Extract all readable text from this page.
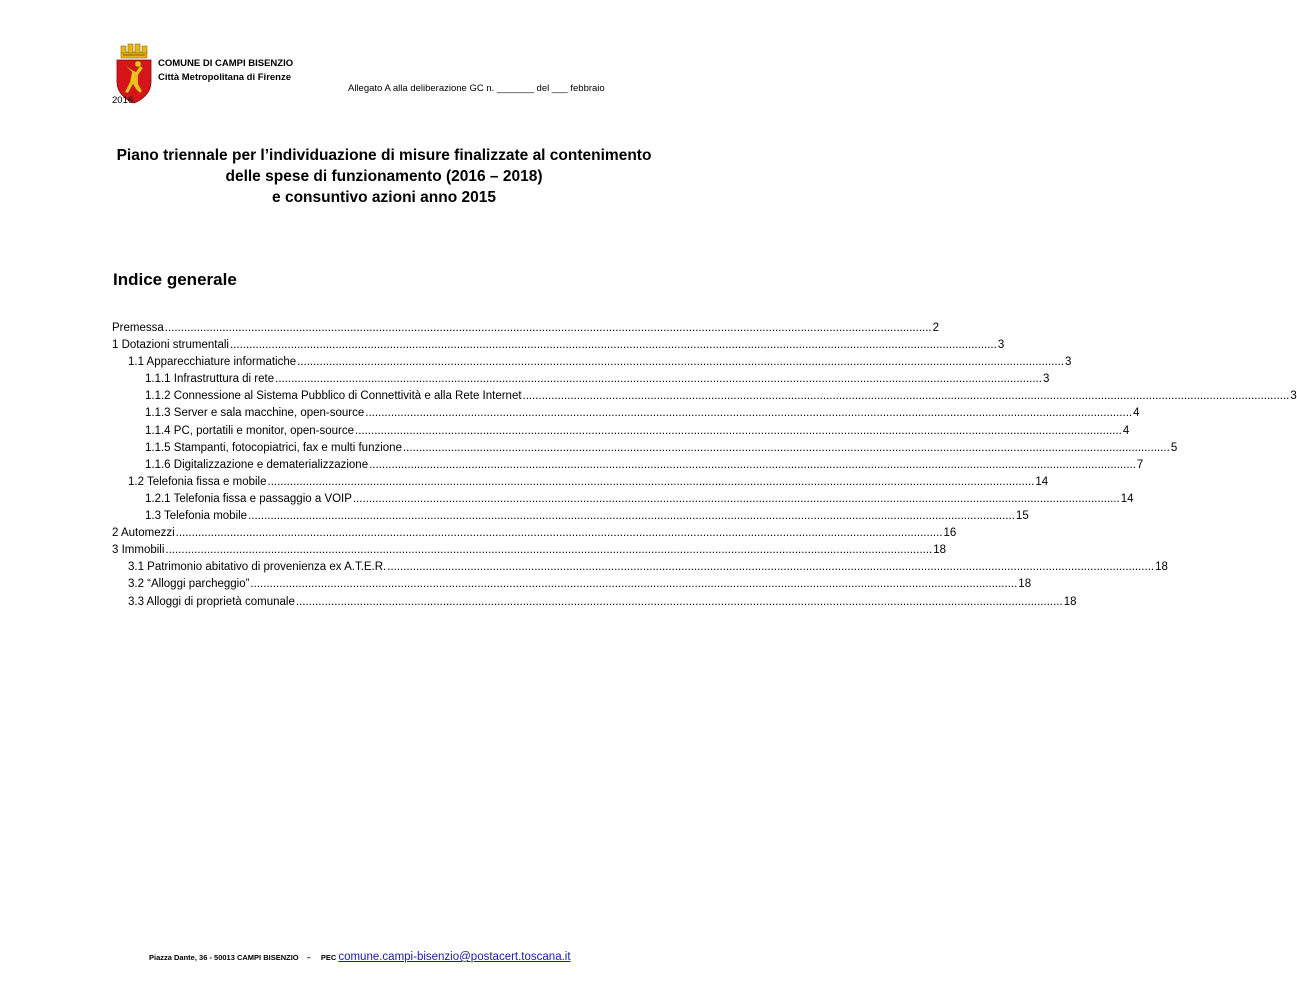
COMUNE DI CAMPI BISENZIO
Città Metropolitana di Firenze
Allegato A alla deliberazione GC n. _______ del ___ febbraio
2016
Piano triennale per l’individuazione di misure finalizzate al contenimento
delle spese di funzionamento (2016 – 2018)
e consuntivo azioni anno 2015
Indice generale
Premessa ................................................................................................................................................................................................................................................ 2
1 Dotazioni strumentali ................................................................................................................................................................................................................................................ 3
1.1 Apparecchiature informatiche ................................................................................................................................................................................................................................................ 3
1.1.1 Infrastruttura di rete ................................................................................................................................................................................................................................................ 3
1.1.2 Connessione al Sistema Pubblico di Connettività e alla Rete Internet ................................................................................................................................................................................................................................................ 3
1.1.3 Server e sala macchine, open-source ................................................................................................................................................................................................................................................ 4
1.1.4 PC, portatili e monitor, open-source ................................................................................................................................................................................................................................................ 4
1.1.5 Stampanti, fotocopiatrici, fax e multi funzione ................................................................................................................................................................................................................................................ 5
1.1.6 Digitalizzazione e dematerializzazione ................................................................................................................................................................................................................................................ 7
1.2 Telefonia fissa e mobile ................................................................................................................................................................................................................................................ 14
1.2.1 Telefonia fissa e passaggio a VOIP ................................................................................................................................................................................................................................................ 14
1.3 Telefonia mobile ................................................................................................................................................................................................................................................ 15
2 Automezzi ................................................................................................................................................................................................................................................ 16
3 Immobili ................................................................................................................................................................................................................................................ 18
3.1 Patrimonio abitativo di provenienza ex A.T.E.R. ................................................................................................................................................................................................................................................ 18
3.2 “Alloggi parcheggio” ................................................................................................................................................................................................................................................ 18
3.3 Alloggi di proprietà comunale ................................................................................................................................................................................................................................................ 18
Piazza Dante, 36 - 50013 CAMPI BISENZIO – PEC comune.campi-bisenzio@postacert.toscana.it
